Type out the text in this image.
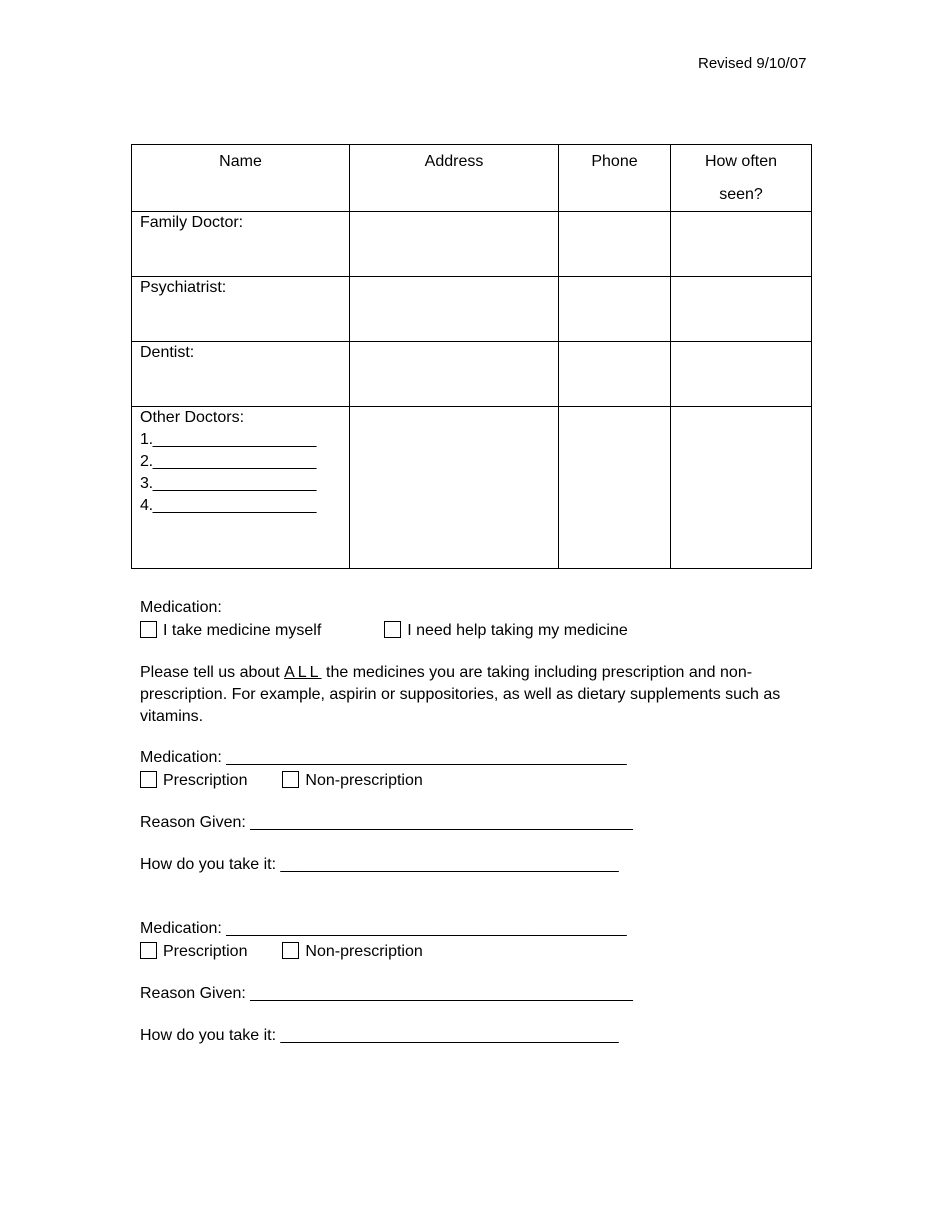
Revised 9/10/07
Name	Address	Phone	How often seen?

Family Doctor:			

Psychiatrist:			

Dentist:			

Other Doctors:
1.___________________
2.___________________
3.___________________
4.___________________			

Medication:
I take medicine myself	I need help taking my medicine
Please tell us about ALL the medicines you are taking including prescription and non-prescription. For example, aspirin or suppositories, as well as dietary supplements such as vitamins.
Medication: _____________________________________________
Prescription	Non-prescription
Reason Given: ___________________________________________
How do you take it: ______________________________________
Medication: _____________________________________________
Prescription	Non-prescription
Reason Given: ___________________________________________
How do you take it: ______________________________________
